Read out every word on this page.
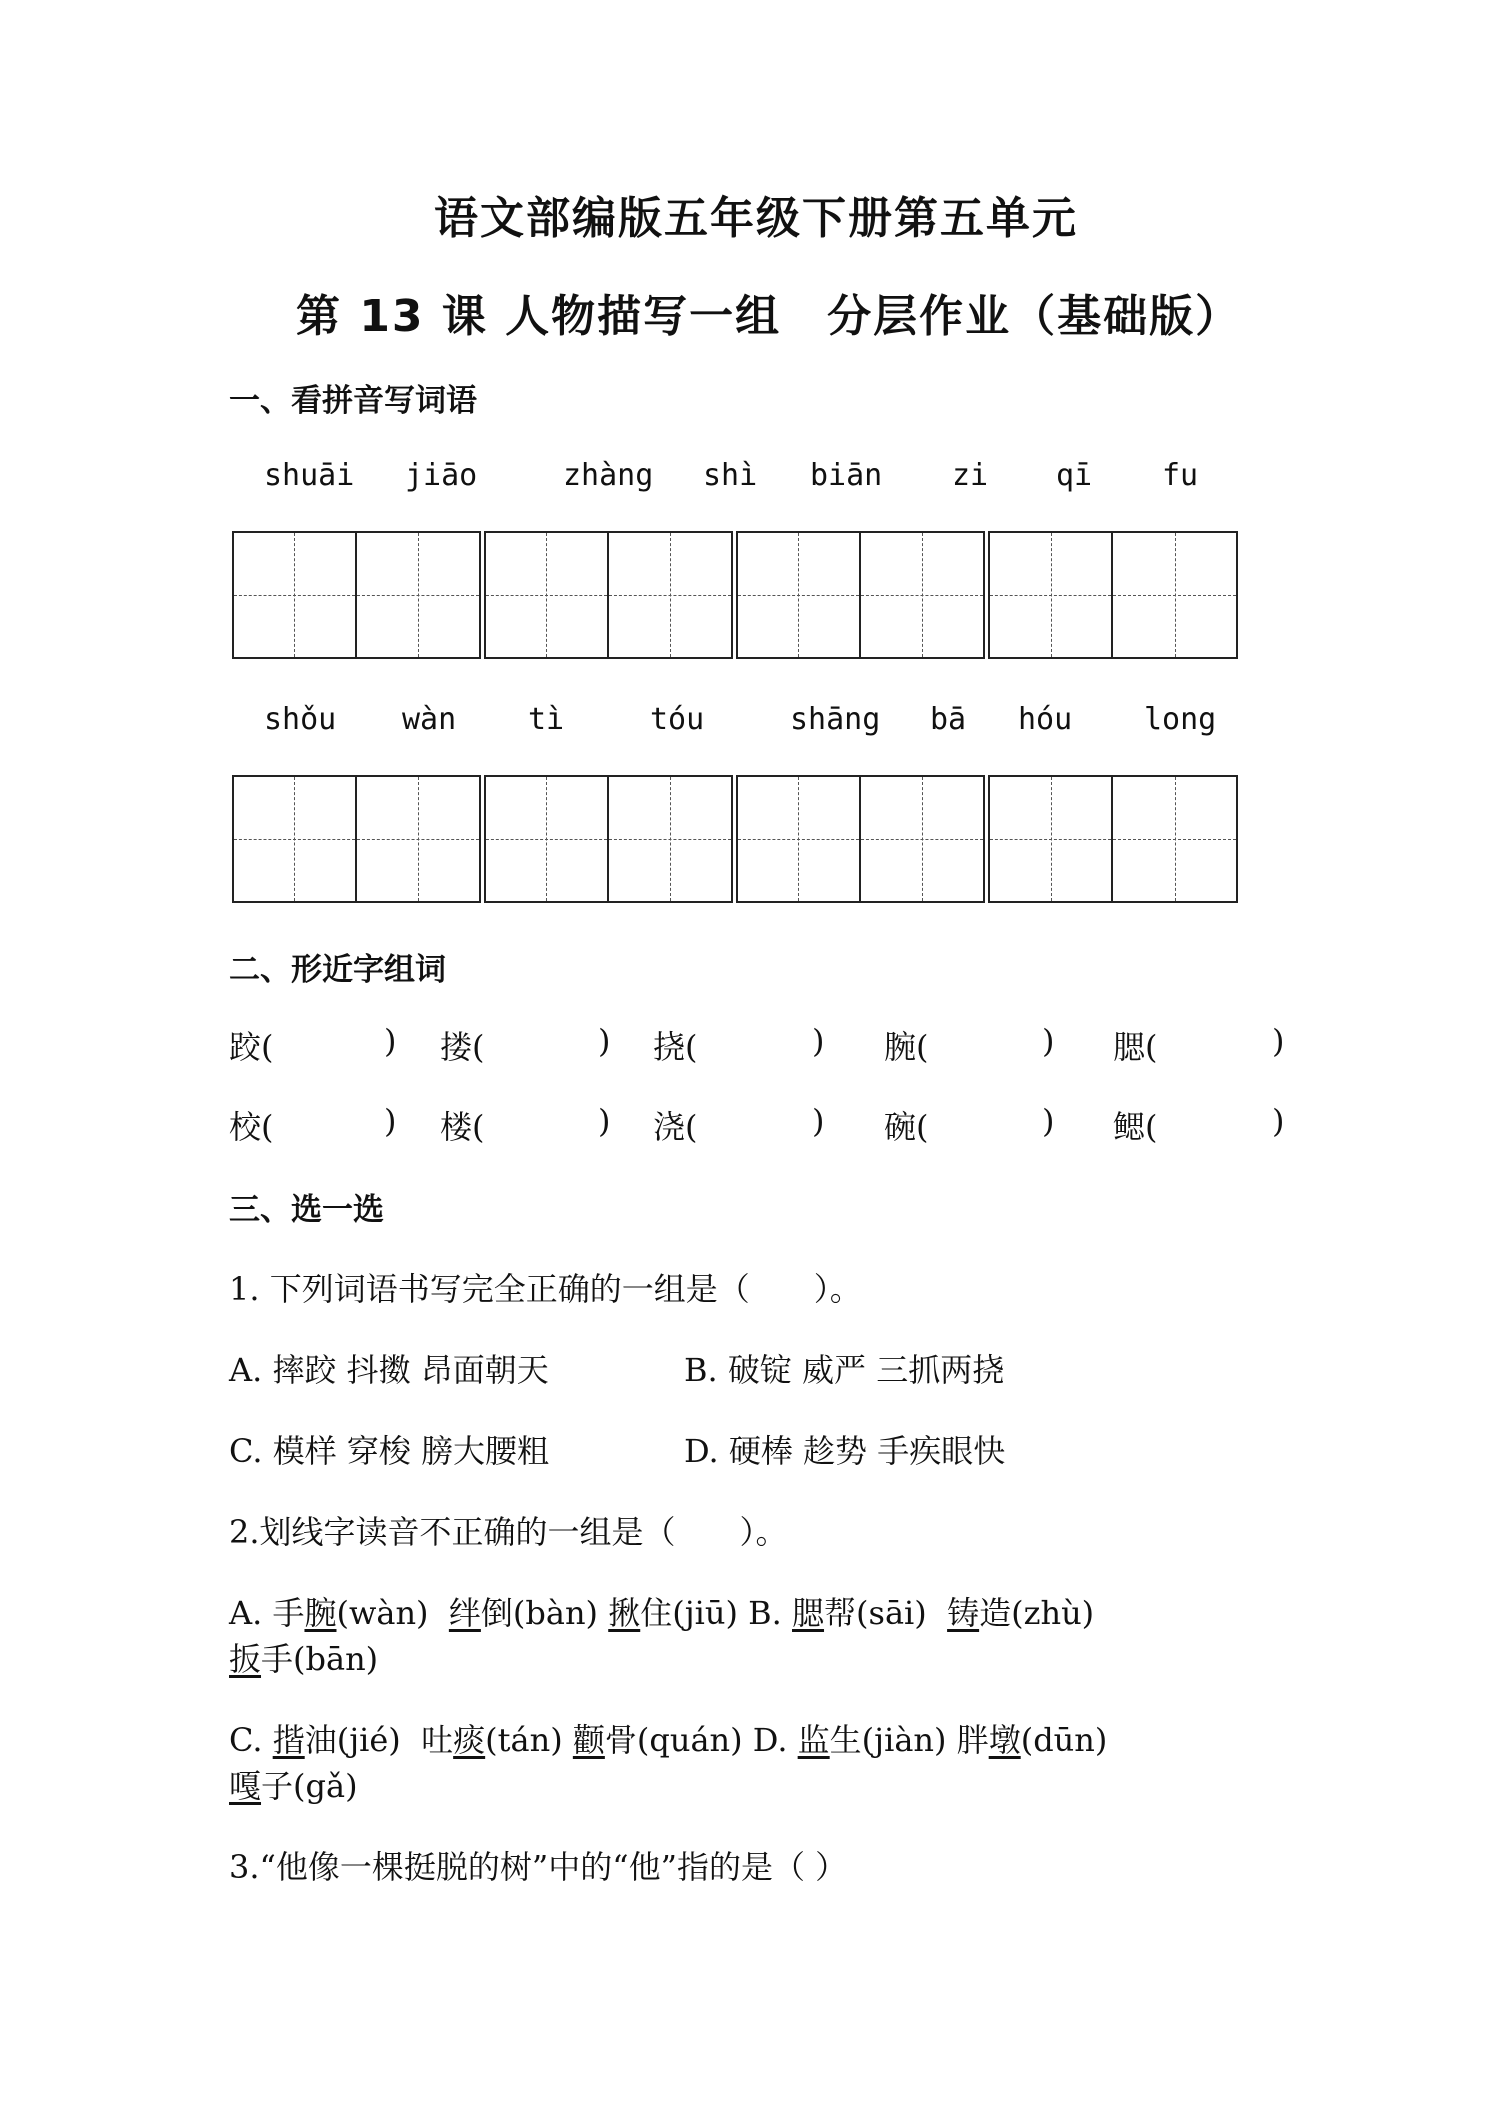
语文部编版五年级下册第五单元
第 13 课 人物描写一组　分层作业（基础版）
一、看拼音写词语
shuāi jiāo	zhàng shì biān zi qī fu
shǒu wàn tì	tóu	shāng bā hóu long
二、形近字组词
跤(	) 搂(	) 挠(	) 腕(	) 腮(	)
校(	) 楼(	) 浇(	) 碗(	) 鳃(	)
三、选一选
1. 下列词语书写完全正确的一组是（　　）。
A. 摔跤 抖擞 昂面朝天	B. 破锭 威严 三抓两挠
C. 模样 穿梭 膀大腰粗	D. 硬棒 趁势 手疾眼快
2.划线字读音不正确的一组是（　　）。
A. 手腕(wàn) 绊倒(bàn) 揪住(jiū) B. 腮帮(sāi) 铸造(zhù)
扳手(bān)
C. 揩油(jié) 吐痰(tán) 颧骨(quán) D. 监生(jiàn) 胖墩(dūn)
嘎子(gǎ)
3.“他像一棵挺脱的树”中的“他”指的是（ ）
